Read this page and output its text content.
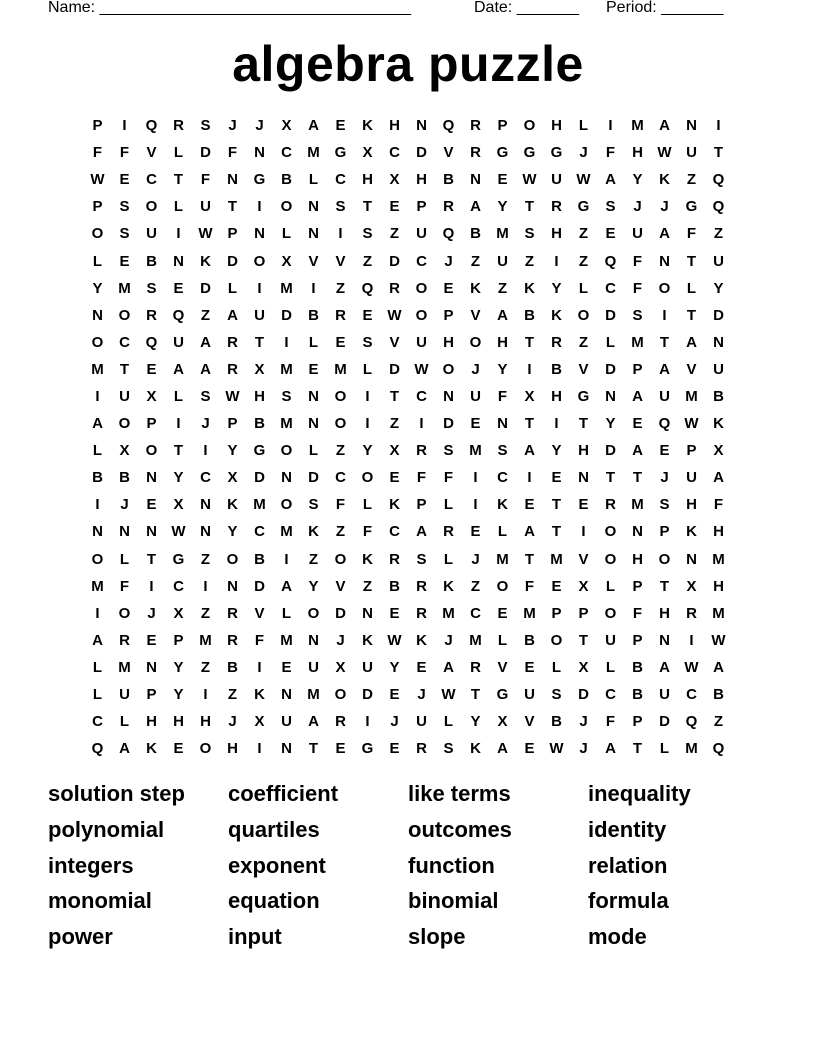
Name: ___________________________________

	Date: _______

Period: _______

algebra puzzle
P	I	Q	R	S	J	J	X	A	E	K	H	N	Q	R	P	O	H	L	I	M	A	N	I
F	F	V	L	D	F	N	C	M G	X	C	D	V	R	G	G	G	J	F	H W U	T
W E	C	T	F	N	G	B	L	C	H	X	H	B	N	E W U W A	Y	K	Z	Q
P	S	O	L	U	T	I	O	N	S	T	E	P	R	A	Y	T	R	G	S	J	J	G	Q
O	S	U	I	W P	N	L	N	I	S	Z	U	Q	B	M	S	H	Z	E	U	A	F	Z
L	E	B	N	K	D	O	X	V	V	Z	D	C	J	Z	U	Z	I	Z	Q	F	N	T	U
Y	M	S	E	D	L	I	M	I	Z	Q	R	O	E	K	Z	K	Y	L	C	F	O	L	Y
N	O	R	Q	Z	A	U	D	B	R	E W O	P	V	A	B	K	O	D	S	I	T	D
O	C	Q	U	A	R	T	I	L	E	S	V	U	H	O	H	T	R	Z	L	M	T	A	N
M	T	E	A	A	R	X	M	E	M	L	D W O	J	Y	I	B	V	D	P	A	V	U
I	U	X	L	S W H	S	N	O	I	T	C	N	U	F	X	H	G	N	A	U	M	B
A	O	P	I	J	P	B	M	N	O	I	Z	I	D	E	N	T	I	T	Y	E	Q W K
L	X	O	T	I	Y	G	O	L	Z	Y	X	R	S	M	S	A	Y	H	D	A	E	P	X
B	B	N	Y	C	X	D	N	D	C	O	E	F	F	I	C	I	E	N	T	T	J	U	A
I	J	E	X	N	K	M O	S	F	L	K	P	L	I	K	E	T	E	R	M	S	H	F
N	N	N W N	Y	C	M	K	Z	F	C	A	R	E	L	A	T	I	O	N	P	K	H
O	L	T	G	Z	O	B	I	Z	O	K	R	S	L	J	M	T	M	V	O	H	O	N	M
M	F	I	C	I	N	D	A	Y	V	Z	B	R	K	Z	O	F	E	X	L	P	T	X	H
I	O	J	X	Z	R	V	L	O	D	N	E	R	M	C	E	M	P	P	O	F	H	R	M
A	R	E	P	M	R	F	M	N	J	K W K	J	M	L	B	O	T	U	P	N	I	W
L	M	N	Y	Z	B	I	E	U	X	U	Y	E	A	R	V	E	L	X	L	B	A W A
L	U	P	Y	I	Z	K	N	M O	D	E	J	W	T	G	U	S	D	C	B	U	C	B
C	L	H	H	H	J	X	U	A	R	I	J	U	L	Y	X	V	B	J	F	P	D	Q	Z
Q	A	K	E	O	H	I	N	T	E	G	E	R	S	K	A	E W	J	A	T	L	M Q
solution step	coefficient	like terms	inequality
polynomial	quartiles	outcomes	identity
integers	exponent	function	relation
monomial	equation	binomial	formula
power	input	slope	mode
